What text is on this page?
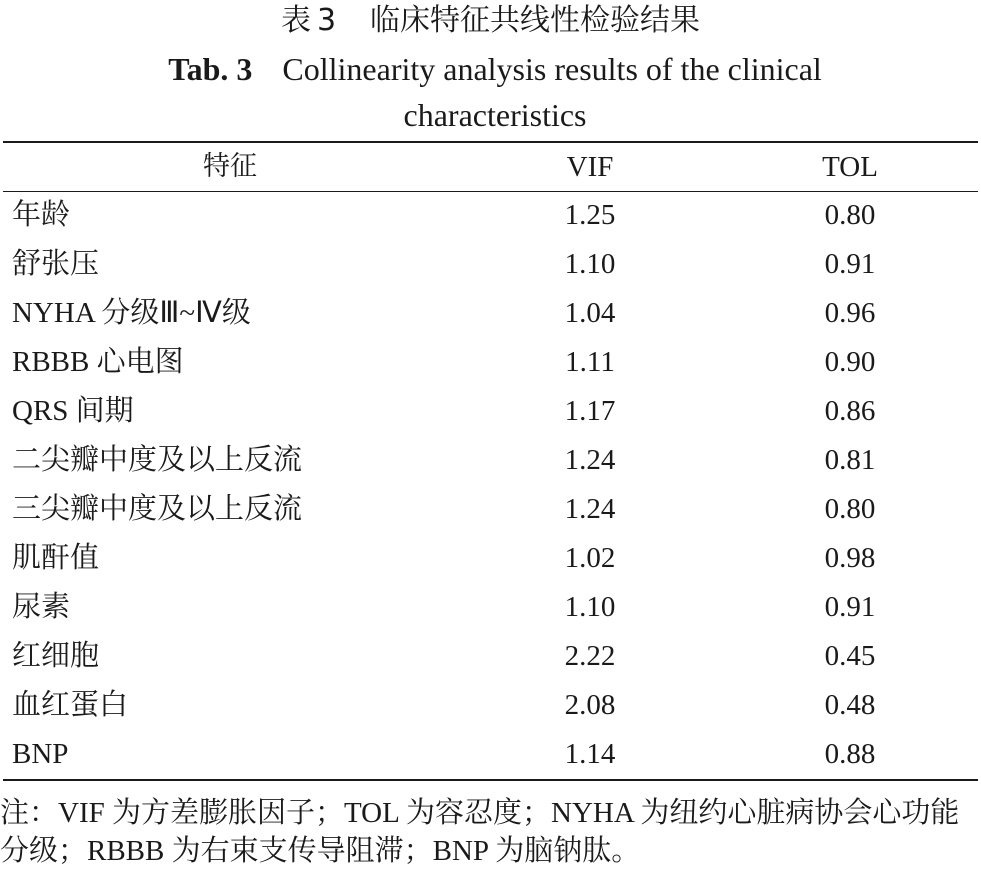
表 3 临床特征共线性检验结果
Tab. 3 Collinearity analysis results of the clinical characteristics
特征	VIF	TOL
年龄	1.25	0.80
舒张压	1.10	0.91
NYHA 分级Ⅲ~Ⅳ级	1.04	0.96
RBBB 心电图	1.11	0.90
QRS 间期	1.17	0.86
二尖瓣中度及以上反流	1.24	0.81
三尖瓣中度及以上反流	1.24	0.80
肌酐值	1.02	0.98
尿素	1.10	0.91
红细胞	2.22	0.45
血红蛋白	2.08	0.48
BNP	1.14	0.88
注：VIF 为方差膨胀因子；TOL 为容忍度；NYHA 为纽约心脏病协会心功能分级；RBBB 为右束支传导阻滞；BNP 为脑钠肽。
